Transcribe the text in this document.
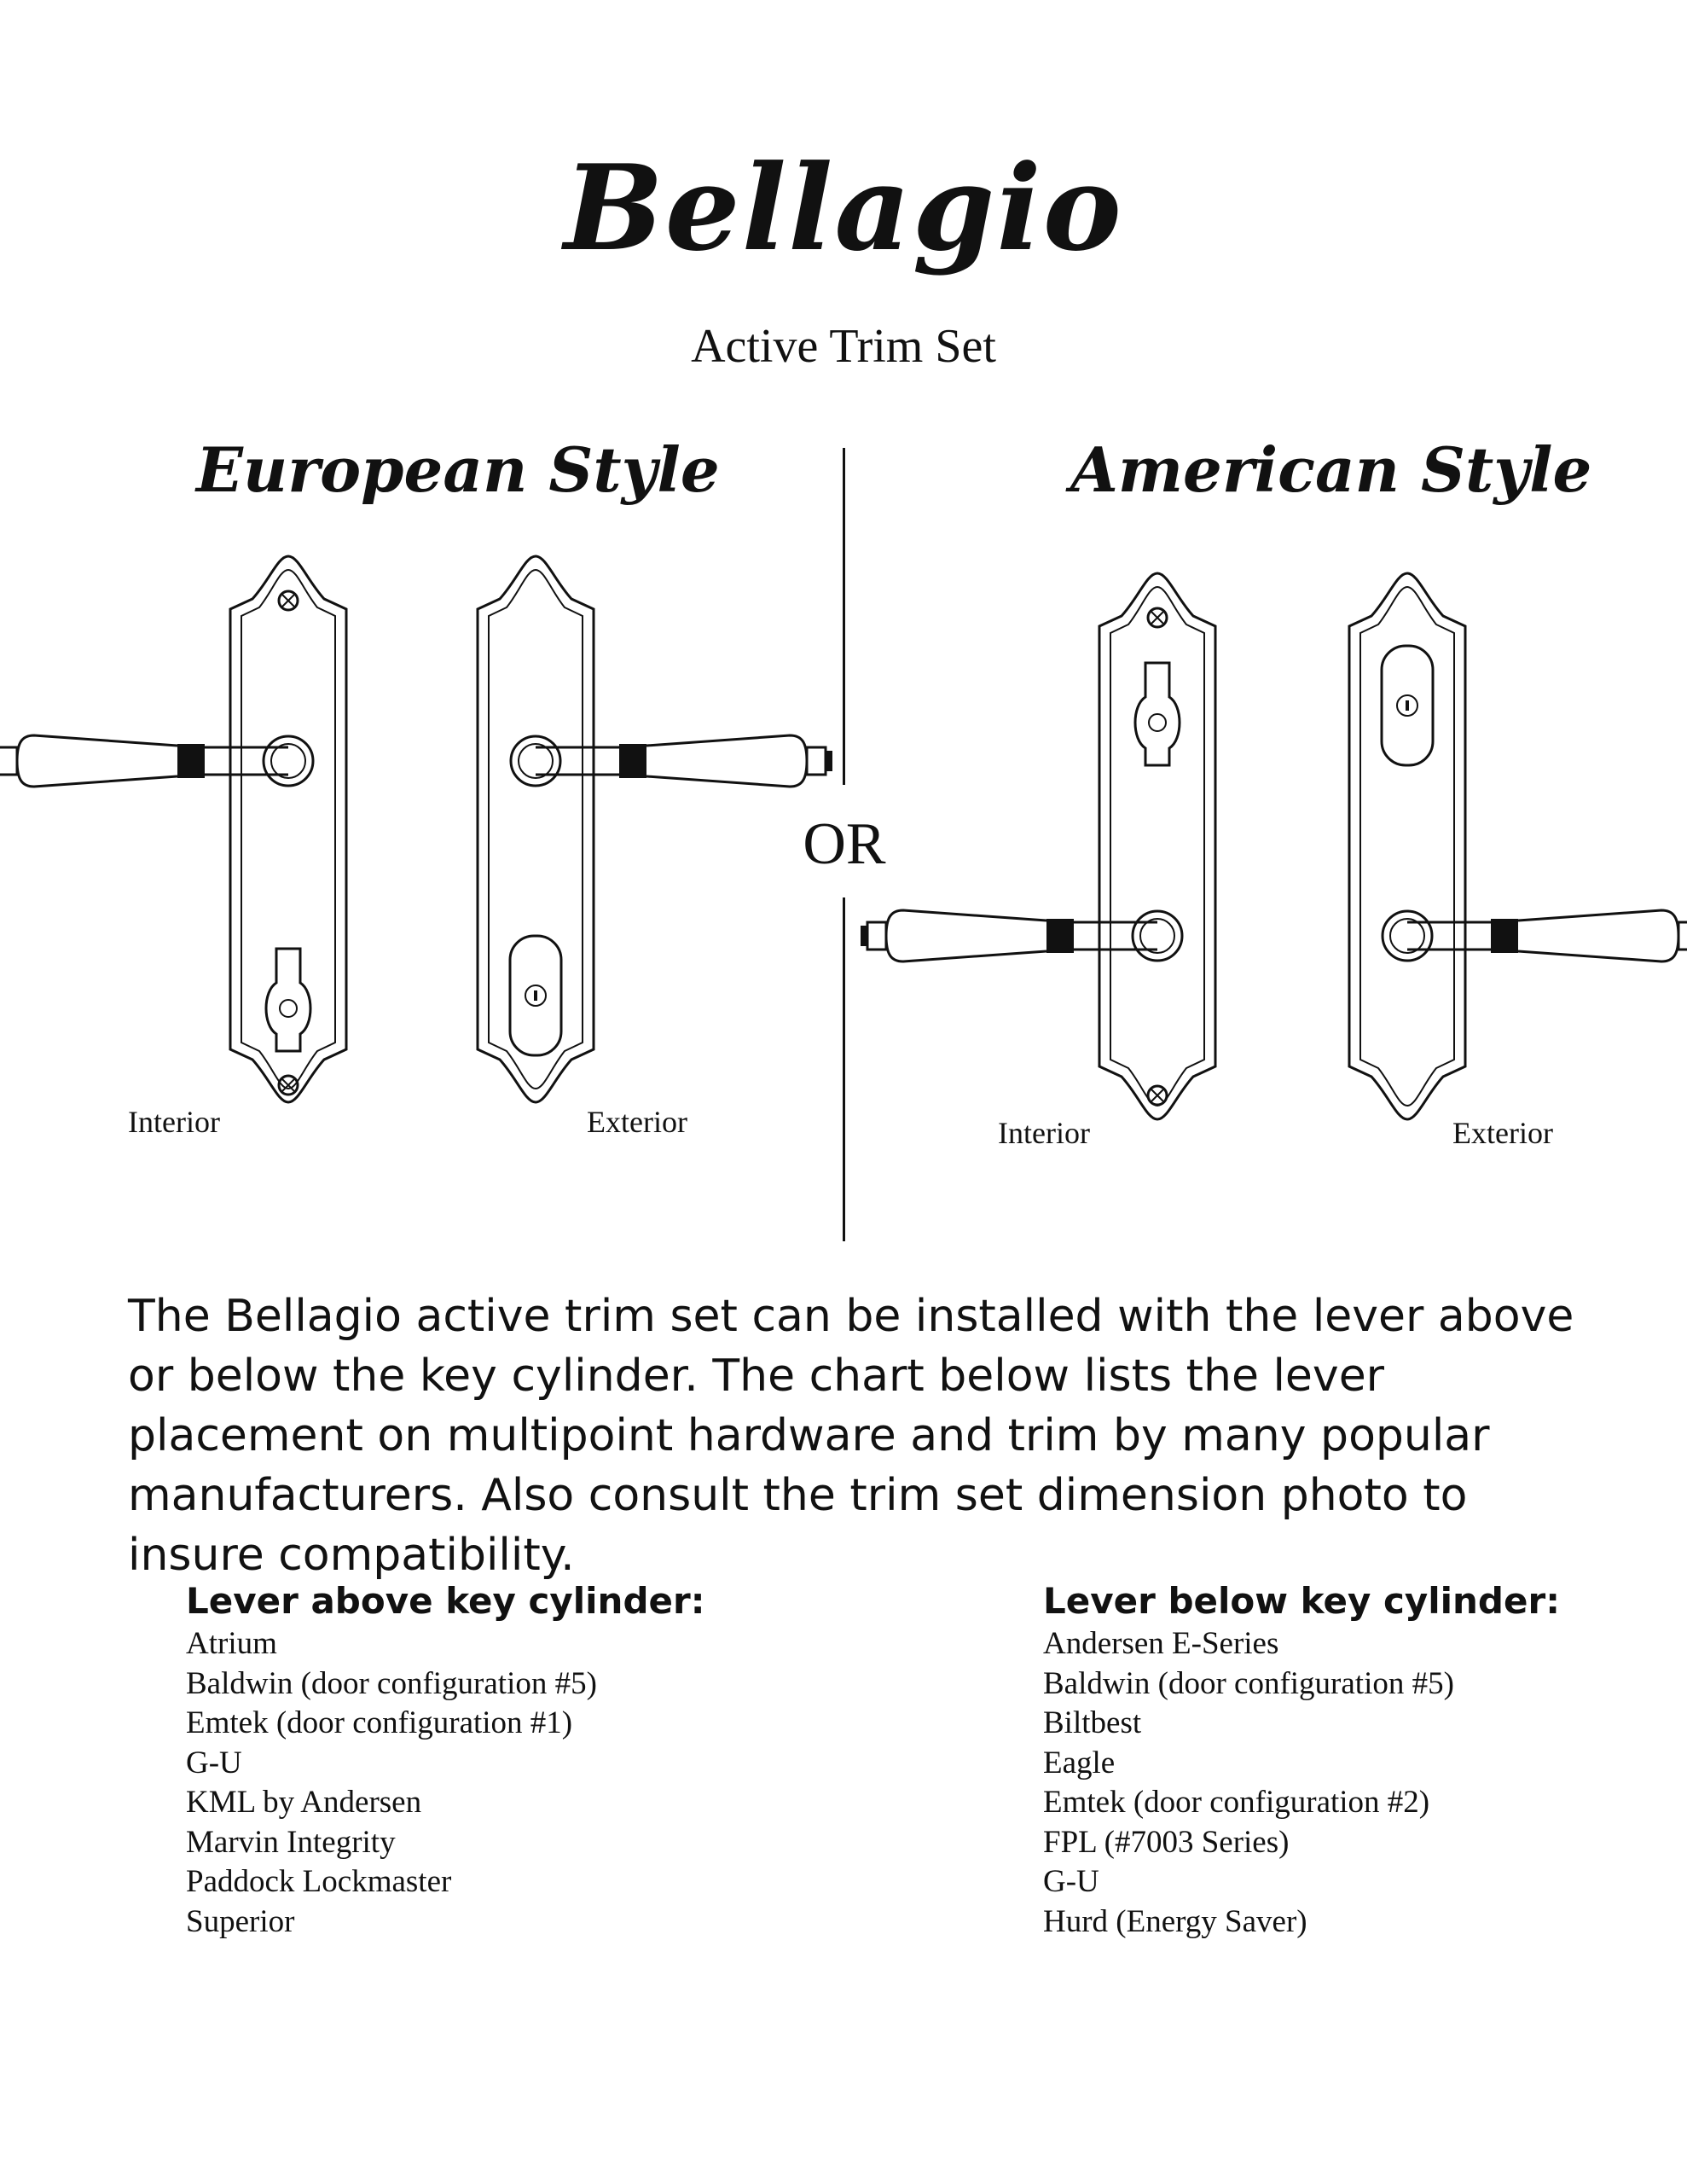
Bellagio
Active Trim Set
European Style	American Style
OR
Interior	Exterior	Interior	Exterior
The Bellagio active trim set can be installed with the lever above or below the key cylinder. The chart below lists the lever placement on multipoint hardware and trim by many popular manufacturers. Also consult the trim set dimension photo to insure compatibility.
Lever above key cylinder:
Atrium
Baldwin (door configuration #5)
Emtek (door configuration #1)
G-U
KML by Andersen
Marvin Integrity
Paddock Lockmaster
Superior
Lever below key cylinder:
Andersen E-Series
Baldwin (door configuration #5)
Biltbest
Eagle
Emtek (door configuration #2)
FPL (#7003 Series)
G-U
Hurd (Energy Saver)
